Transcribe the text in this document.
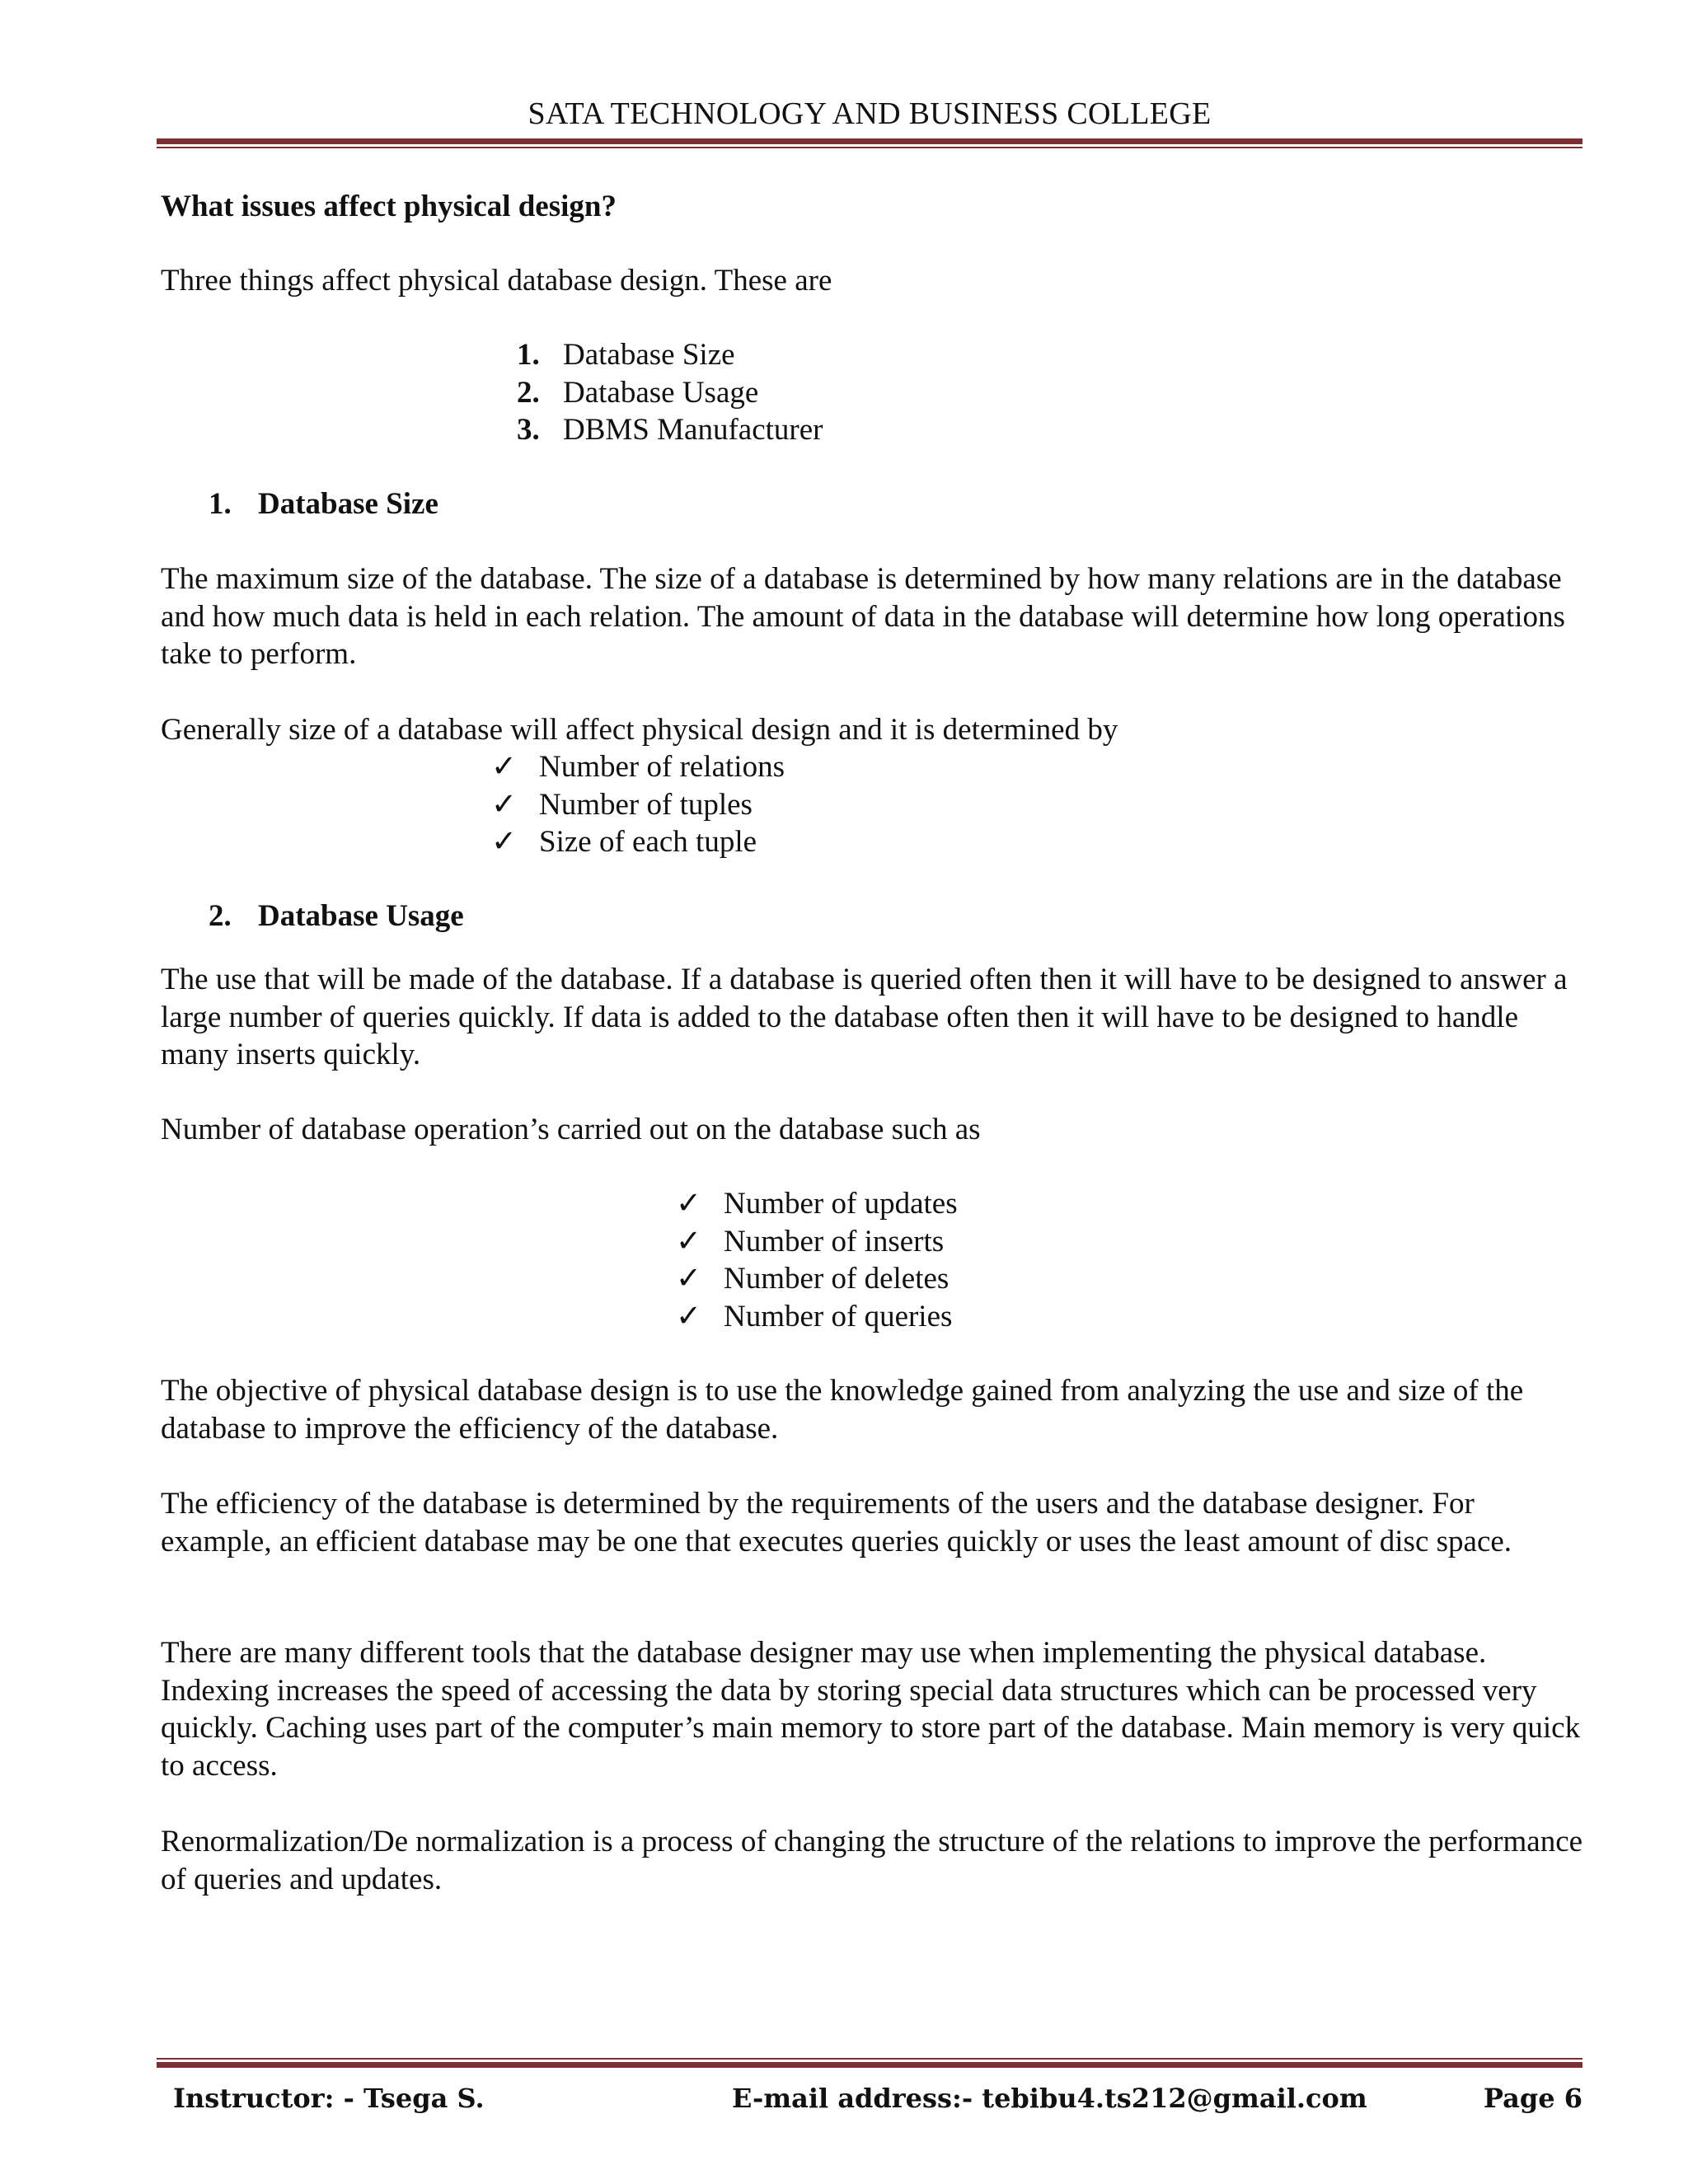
SATA TECHNOLOGY AND BUSINESS COLLEGE
What issues affect physical design?
Three things affect physical database design. These are
1. Database Size
2. Database Usage
3. DBMS Manufacturer
1. Database Size
The maximum size of the database. The size of a database is determined by how many relations are in the database and how much data is held in each relation. The amount of data in the database will determine how long operations take to perform.
Generally size of a database will affect physical design and it is determined by
✓ Number of relations
✓ Number of tuples
✓ Size of each tuple
2. Database Usage
The use that will be made of the database. If a database is queried often then it will have to be designed to answer a large number of queries quickly. If data is added to the database often then it will have to be designed to handle many inserts quickly.
Number of database operation’s carried out on the database such as
✓ Number of updates
✓ Number of inserts
✓ Number of deletes
✓ Number of queries
The objective of physical database design is to use the knowledge gained from analyzing the use and size of the database to improve the efficiency of the database.
The efficiency of the database is determined by the requirements of the users and the database designer. For example, an efficient database may be one that executes queries quickly or uses the least amount of disc space.
There are many different tools that the database designer may use when implementing the physical database. Indexing increases the speed of accessing the data by storing special data structures which can be processed very quickly. Caching uses part of the computer’s main memory to store part of the database. Main memory is very quick to access.
Renormalization/De normalization is a process of changing the structure of the relations to improve the performance of queries and updates.
Instructor: - Tsega S.	E-mail address:- tebibu4.ts212@gmail.com	Page 6
